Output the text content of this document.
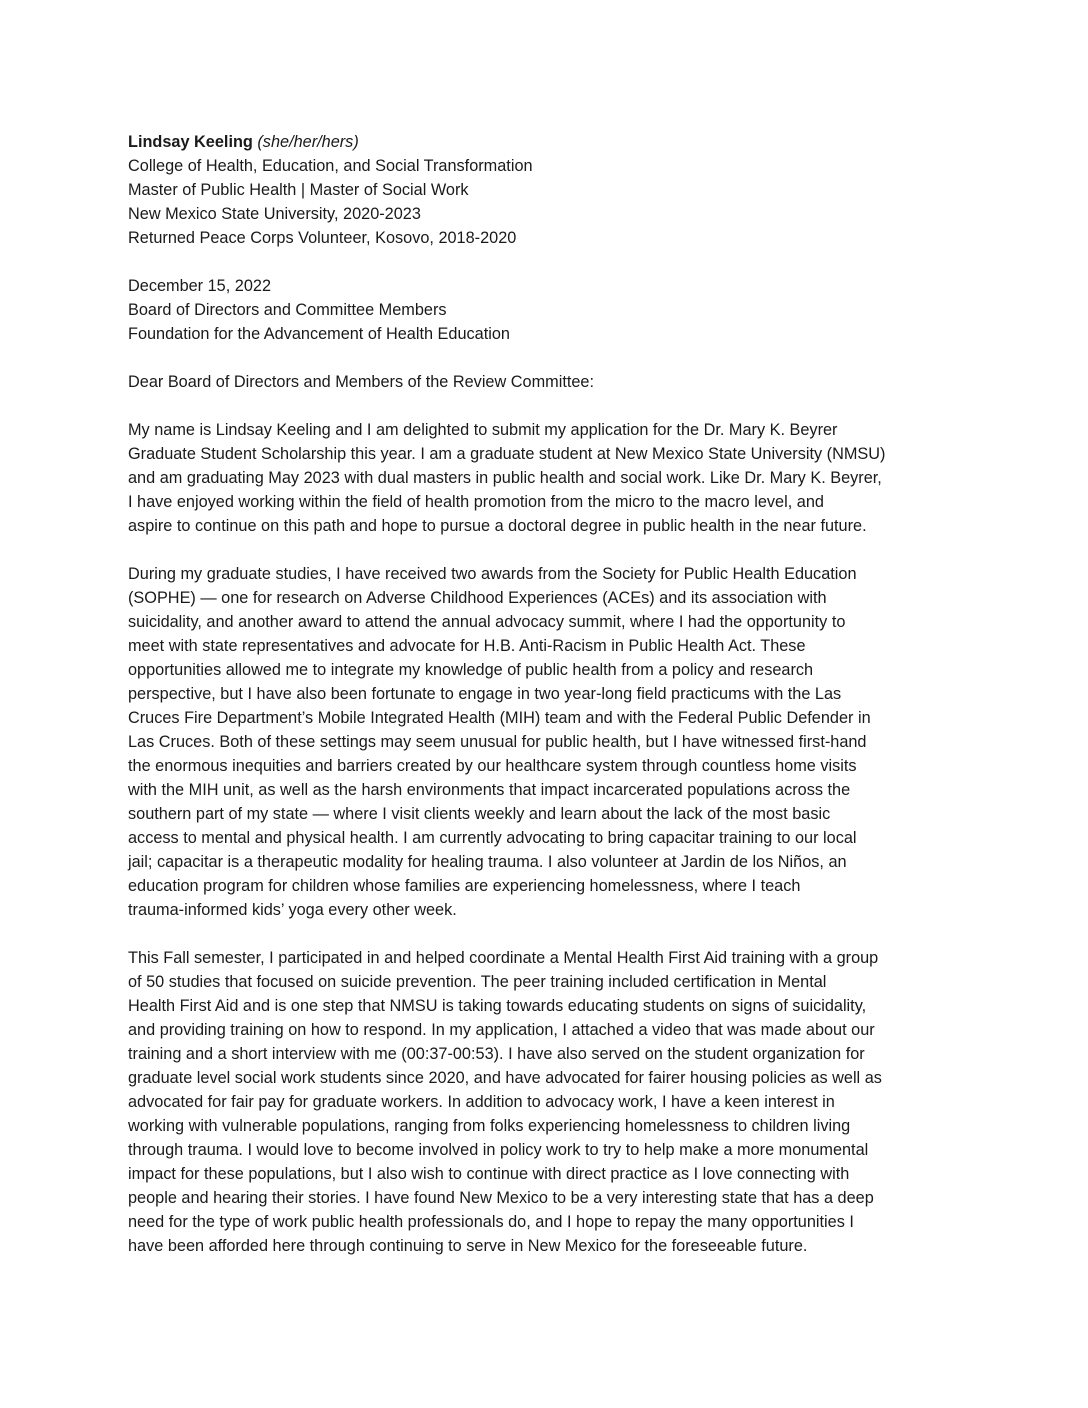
Lindsay Keeling (she/her/hers)
College of Health, Education, and Social Transformation
Master of Public Health | Master of Social Work
New Mexico State University, 2020-2023
Returned Peace Corps Volunteer, Kosovo, 2018-2020
December 15, 2022
Board of Directors and Committee Members
Foundation for the Advancement of Health Education
Dear Board of Directors and Members of the Review Committee:
My name is Lindsay Keeling and I am delighted to submit my application for the Dr. Mary K. Beyrer
Graduate Student Scholarship this year. I am a graduate student at New Mexico State University (NMSU)
and am graduating May 2023 with dual masters in public health and social work. Like Dr. Mary K. Beyrer,
I have enjoyed working within the field of health promotion from the micro to the macro level, and
aspire to continue on this path and hope to pursue a doctoral degree in public health in the near future.
During my graduate studies, I have received two awards from the Society for Public Health Education
(SOPHE) — one for research on Adverse Childhood Experiences (ACEs) and its association with
suicidality, and another award to attend the annual advocacy summit, where I had the opportunity to
meet with state representatives and advocate for H.B. Anti-Racism in Public Health Act. These
opportunities allowed me to integrate my knowledge of public health from a policy and research
perspective, but I have also been fortunate to engage in two year-long field practicums with the Las
Cruces Fire Department’s Mobile Integrated Health (MIH) team and with the Federal Public Defender in
Las Cruces. Both of these settings may seem unusual for public health, but I have witnessed first-hand
the enormous inequities and barriers created by our healthcare system through countless home visits
with the MIH unit, as well as the harsh environments that impact incarcerated populations across the
southern part of my state — where I visit clients weekly and learn about the lack of the most basic
access to mental and physical health. I am currently advocating to bring capacitar training to our local
jail; capacitar is a therapeutic modality for healing trauma. I also volunteer at Jardin de los Niños, an
education program for children whose families are experiencing homelessness, where I teach
trauma-informed kids’ yoga every other week.
This Fall semester, I participated in and helped coordinate a Mental Health First Aid training with a group
of 50 studies that focused on suicide prevention. The peer training included certification in Mental
Health First Aid and is one step that NMSU is taking towards educating students on signs of suicidality,
and providing training on how to respond. In my application, I attached a video that was made about our
training and a short interview with me (00:37-00:53). I have also served on the student organization for
graduate level social work students since 2020, and have advocated for fairer housing policies as well as
advocated for fair pay for graduate workers. In addition to advocacy work, I have a keen interest in
working with vulnerable populations, ranging from folks experiencing homelessness to children living
through trauma. I would love to become involved in policy work to try to help make a more monumental
impact for these populations, but I also wish to continue with direct practice as I love connecting with
people and hearing their stories. I have found New Mexico to be a very interesting state that has a deep
need for the type of work public health professionals do, and I hope to repay the many opportunities I
have been afforded here through continuing to serve in New Mexico for the foreseeable future.
